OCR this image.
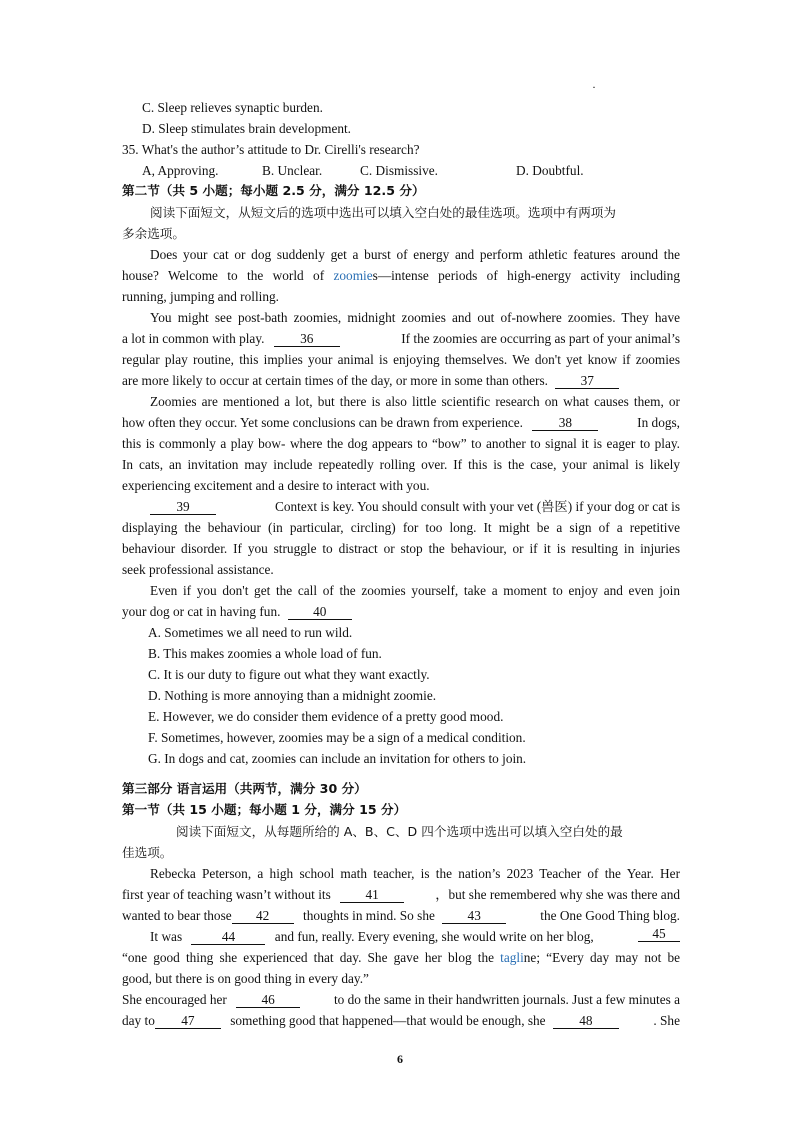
·
C. Sleep relieves synaptic burden.
D. Sleep stimulates brain development.
35. What's the author’s attitude to Dr. Cirelli's research?
A, Approving.	B. Unclear.	C. Dismissive.	D. Doubtful.
第二节（共 5 小题；每小题 2.5 分，满分 12.5 分）
阅读下面短文，从短文后的选项中选出可以填入空白处的最佳选项。选项中有两项为
多余选项。
Does your cat or dog suddenly get a burst of energy and perform athletic features around the
house? Welcome to the world of zoomies—intense periods of high-energy activity including
running, jumping and rolling.
You might see post-bath zoomies, midnight zoomies and out of-nowhere zoomies. They have
a lot in common with play.	36	If the zoomies are occurring as part of your animal’s
regular play routine, this implies your animal is enjoying themselves. We don't yet know if zoomies
are more likely to occur at certain times of the day, or more in some than others. 37
Zoomies are mentioned a lot, but there is also little scientific research on what causes them, or
how often they occur. Yet some conclusions can be drawn from experience.	38	In dogs,
this is commonly a play bow- where the dog appears to “bow” to another to signal it is eager to play.
In cats, an invitation may include repeatedly rolling over. If this is the case, your animal is likely
experiencing excitement and a desire to interact with you.
39	Context is key. You should consult with your vet (兽医) if your dog or cat is
displaying the behaviour (in particular, circling) for too long. It might be a sign of a repetitive
behaviour disorder. If you struggle to distract or stop the behaviour, or if it is resulting in injuries
seek professional assistance.
Even if you don't get the call of the zoomies yourself, take a moment to enjoy and even join
your dog or cat in having fun. 40
A. Sometimes we all need to run wild.
B. This makes zoomies a whole load of fun.
C. It is our duty to figure out what they want exactly.
D. Nothing is more annoying than a midnight zoomie.
E. However, we do consider them evidence of a pretty good mood.
F. Sometimes, however, zoomies may be a sign of a medical condition.
G. In dogs and cat, zoomies can include an invitation for others to join.
第三部分 语言运用（共两节，满分 30 分）
第一节（共 15 小题；每小题 1 分，满分 15 分）
阅读下面短文，从每题所给的 A、B、C、D 四个选项中选出可以填入空白处的最
佳选项。
Rebecka Peterson, a high school math teacher, is the nation’s 2023 Teacher of the Year. Her
first year of teaching wasn’t without its	41	，but she remembered why she was there and
wanted to bear those 42	thoughts in mind. So she 43	the One Good Thing blog.
It was	44	and fun, really. Every evening, she would write on her blog,	45
“one good thing she experienced that day. She gave her blog the tagline; “Every day may not be
good, but there is on good thing in every day.”
She encouraged her	46	to do the same in their handwritten journals. Just a few minutes a
day to 47	something good that happened—that would be enough, she	48	. She
6
